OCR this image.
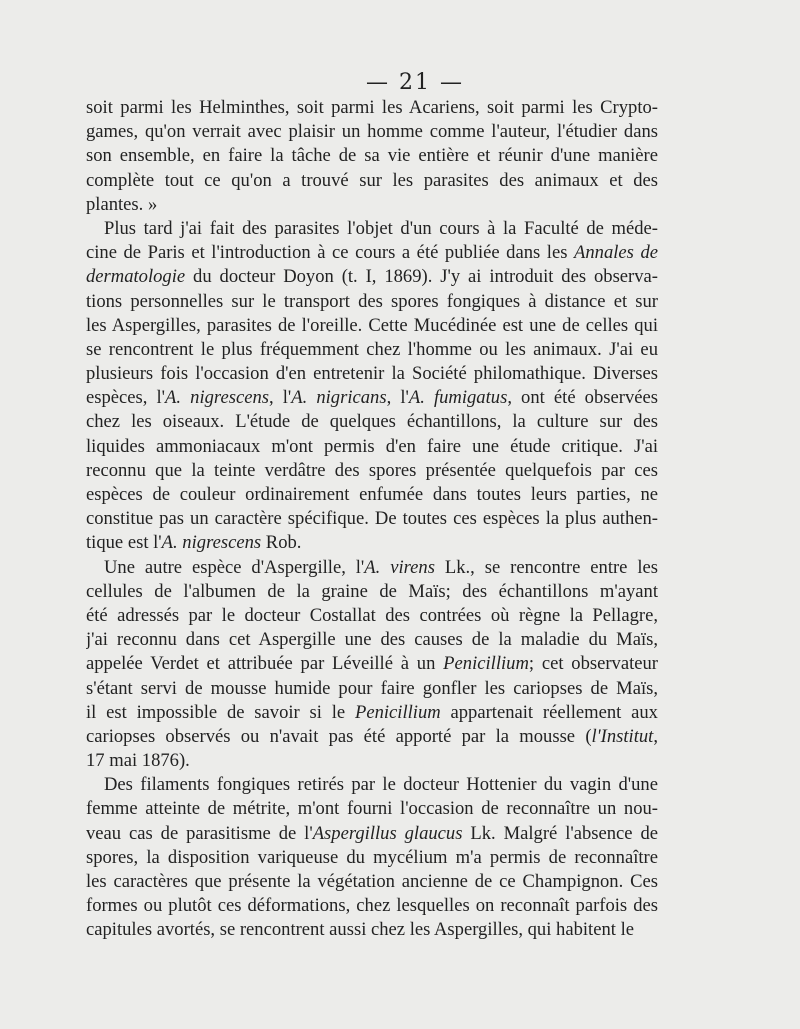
— 21 —
soit parmi les Helminthes, soit parmi les Acariens, soit parmi les Crypto-
games, qu'on verrait avec plaisir un homme comme l'auteur, l'étudier dans
son ensemble, en faire la tâche de sa vie entière et réunir d'une manière
complète tout ce qu'on a trouvé sur les parasites des animaux et des
plantes. »
Plus tard j'ai fait des parasites l'objet d'un cours à la Faculté de méde-
cine de Paris et l'introduction à ce cours a été publiée dans les Annales de
dermatologie du docteur Doyon (t. I, 1869). J'y ai introduit des observa-
tions personnelles sur le transport des spores fongiques à distance et sur
les Aspergilles, parasites de l'oreille. Cette Mucédinée est une de celles qui
se rencontrent le plus fréquemment chez l'homme ou les animaux. J'ai eu
plusieurs fois l'occasion d'en entretenir la Société philomathique. Diverses
espèces, l'A. nigrescens, l'A. nigricans, l'A. fumigatus, ont été observées
chez les oiseaux. L'étude de quelques échantillons, la culture sur des
liquides ammoniacaux m'ont permis d'en faire une étude critique. J'ai
reconnu que la teinte verdâtre des spores présentée quelquefois par ces
espèces de couleur ordinairement enfumée dans toutes leurs parties, ne
constitue pas un caractère spécifique. De toutes ces espèces la plus authen-
tique est l'A. nigrescens Rob.
Une autre espèce d'Aspergille, l'A. virens Lk., se rencontre entre les
cellules de l'albumen de la graine de Maïs; des échantillons m'ayant
été adressés par le docteur Costallat des contrées où règne la Pellagre,
j'ai reconnu dans cet Aspergille une des causes de la maladie du Maïs,
appelée Verdet et attribuée par Léveillé à un Penicillium; cet observateur
s'étant servi de mousse humide pour faire gonfler les cariopses de Maïs,
il est impossible de savoir si le Penicillium appartenait réellement aux
cariopses observés ou n'avait pas été apporté par la mousse (l'Institut,
17 mai 1876).
Des filaments fongiques retirés par le docteur Hottenier du vagin d'une
femme atteinte de métrite, m'ont fourni l'occasion de reconnaître un nou-
veau cas de parasitisme de l'Aspergillus glaucus Lk. Malgré l'absence de
spores, la disposition variqueuse du mycélium m'a permis de reconnaître
les caractères que présente la végétation ancienne de ce Champignon. Ces
formes ou plutôt ces déformations, chez lesquelles on reconnaît parfois des
capitules avortés, se rencontrent aussi chez les Aspergilles, qui habitent le
